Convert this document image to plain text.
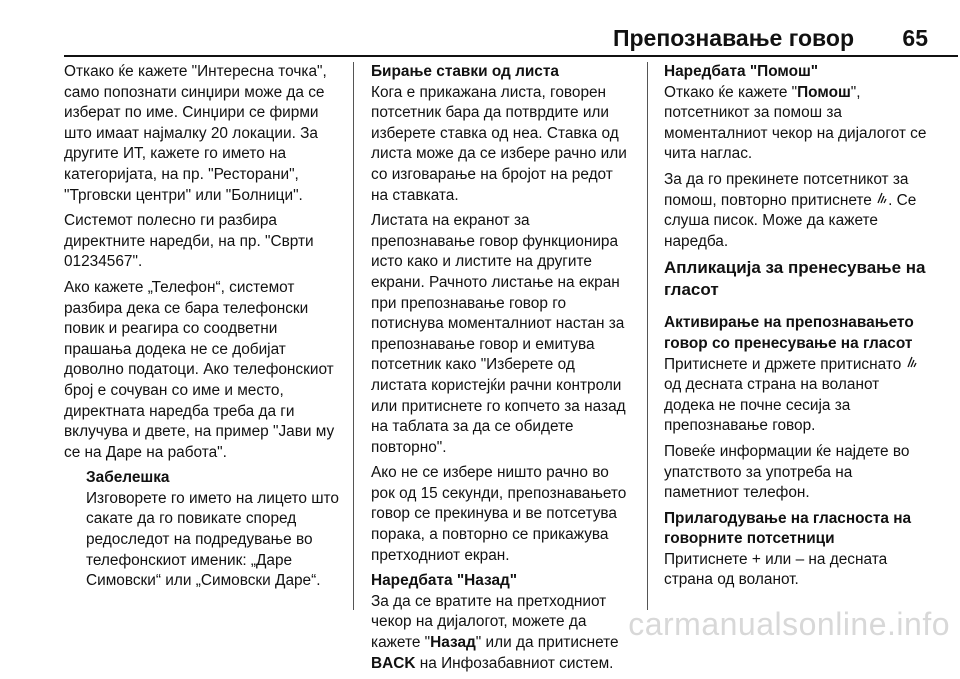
Препознавање говор 65

Откако ќе кажете "Интересна точка", само попознати синџири може да се изберат по име. Синџири се фирми што имаат најмалку 20 локации. За другите ИТ, кажете го името на категоријата, на пр. "Ресторани", "Трговски центри" или "Болници".

Системот полесно ги разбира директните наредби, на пр. "Сврти 01234567".

Ако кажете „Телефон“, системот разбира дека се бара телефонски повик и реагира со соодветни прашања додека не се добијат доволно податоци. Ако телефонскиот број е сочуван со име и место, директната наредба треба да ги вклучува и двете, на пример "Јави му се на Даре на работа".

Забелешка

Изговорете го името на лицето што сакате да го повикате според редоследот на подредување во телефонскиот именик: „Даре Симовски“ или „Симовски Даре“.

Бирање ставки од листа

Кога е прикажана листа, говорен потсетник бара да потврдите или изберете ставка од неа. Ставка од листа може да се избере рачно или со изговарање на бројот на редот на ставката.

Листата на екранот за препознавање говор функционира исто како и листите на другите екрани. Рачното листање на екран при препознавање говор го потиснува моменталниот настан за препознавање говор и емитува потсетник како "Изберете од листата користејќи рачни контроли или притиснете го копчето за назад на таблата за да се обидете повторно".

Ако не се избере ништо рачно во рок од 15 секунди, препознавањето говор се прекинува и ве потсетува порака, а повторно се прикажува претходниот екран.

Наредбата "Назад"

За да се вратите на претходниот чекор на дијалогот, можете да кажете "Назад" или да притиснете BACK на Инфозабавниот систем.

Наредбата "Помош"

Откако ќе кажете "Помош", потсетникот за помош за моменталниот чекор на дијалогот се чита наглас.

За да го прекинете потсетникот за помош, повторно притиснете . Се слуша писок. Може да кажете наредба.

Апликација за пренесување на гласот

Активирање на препознавањето говор со пренесување на гласот

Притиснете и држете притиснато  од десната страна на воланот додека не почне сесија за препознавање говор.

Повеќе информации ќе најдете во упатството за употреба на паметниот телефон.

Прилагодување на гласноста на говорните потсетници

Притиснете + или – на десната страна од воланот.

carmanualsonline.info
